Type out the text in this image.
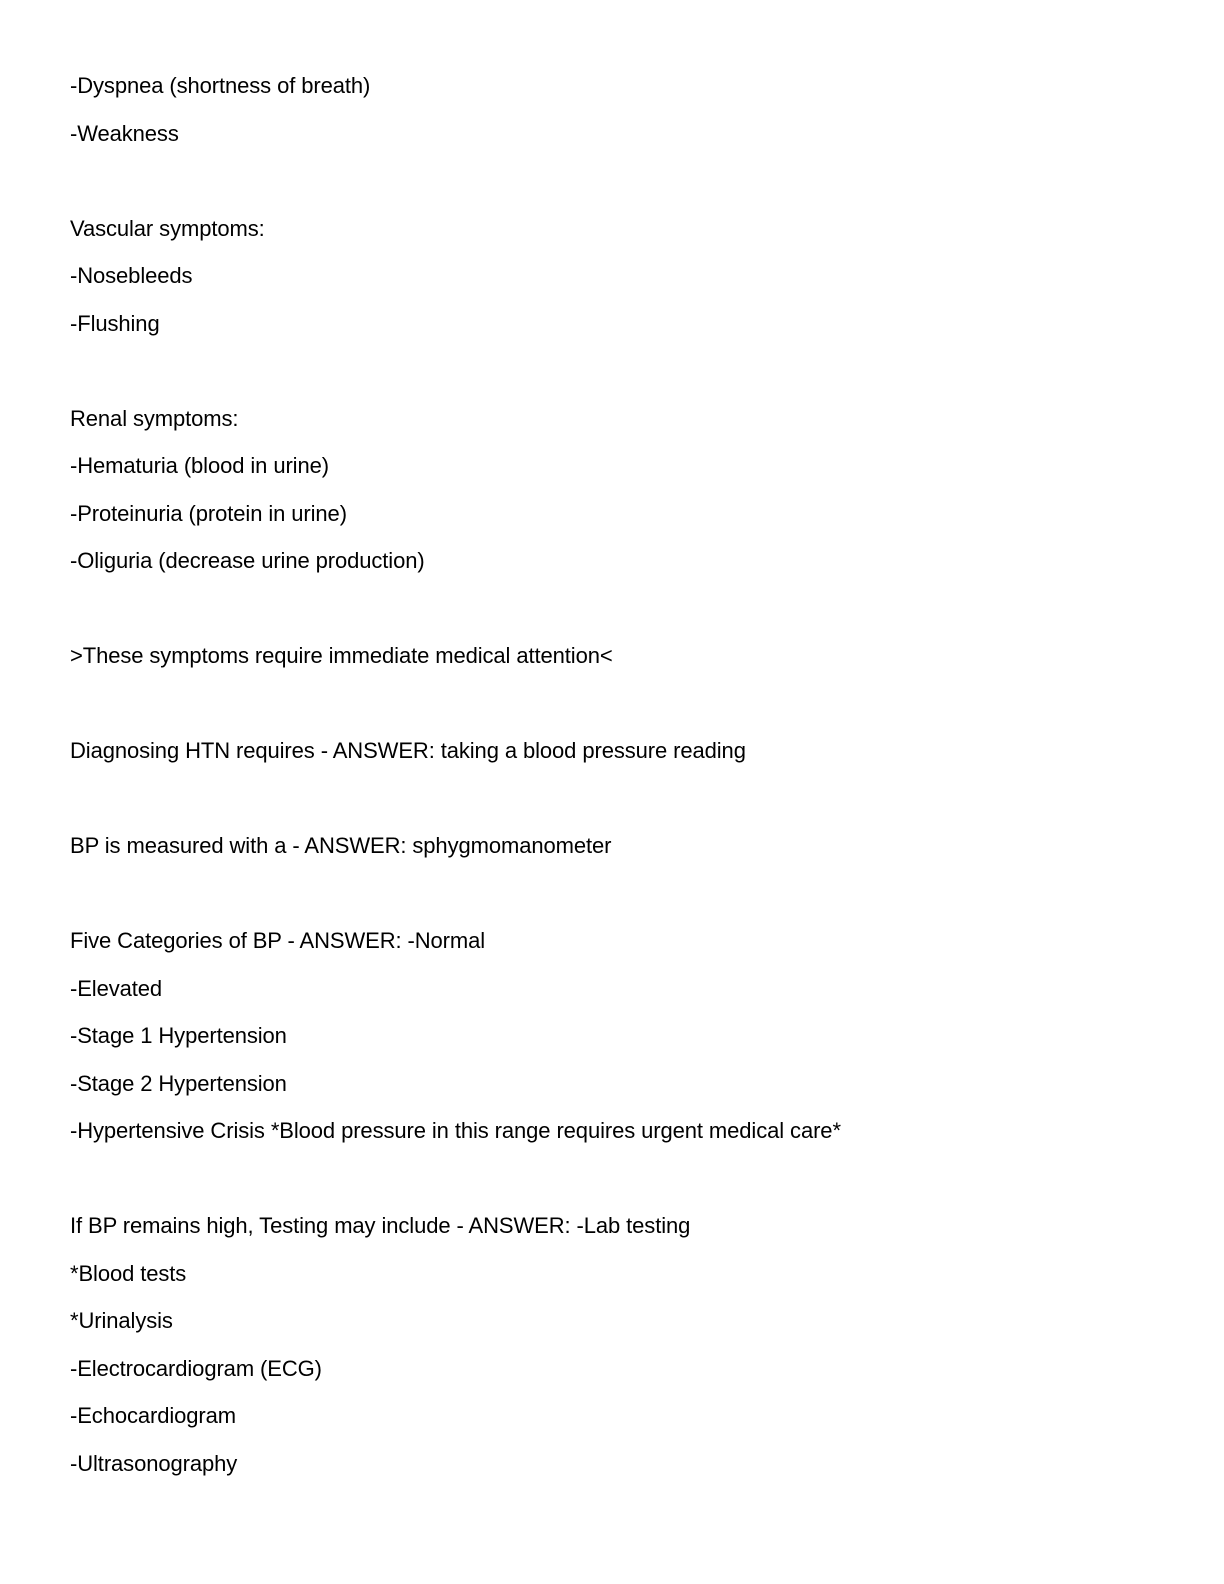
-Dyspnea (shortness of breath)

-Weakness

Vascular symptoms:

-Nosebleeds

-Flushing

Renal symptoms:

-Hematuria (blood in urine)

-Proteinuria (protein in urine)

-Oliguria (decrease urine production)

>These symptoms require immediate medical attention<

Diagnosing HTN requires - ANSWER: taking a blood pressure reading

BP is measured with a - ANSWER: sphygmomanometer

Five Categories of BP - ANSWER: -Normal

-Elevated

-Stage 1 Hypertension

-Stage 2 Hypertension

-Hypertensive Crisis *Blood pressure in this range requires urgent medical care*

If BP remains high, Testing may include - ANSWER: -Lab testing

*Blood tests

*Urinalysis

-Electrocardiogram (ECG)

-Echocardiogram

-Ultrasonography
